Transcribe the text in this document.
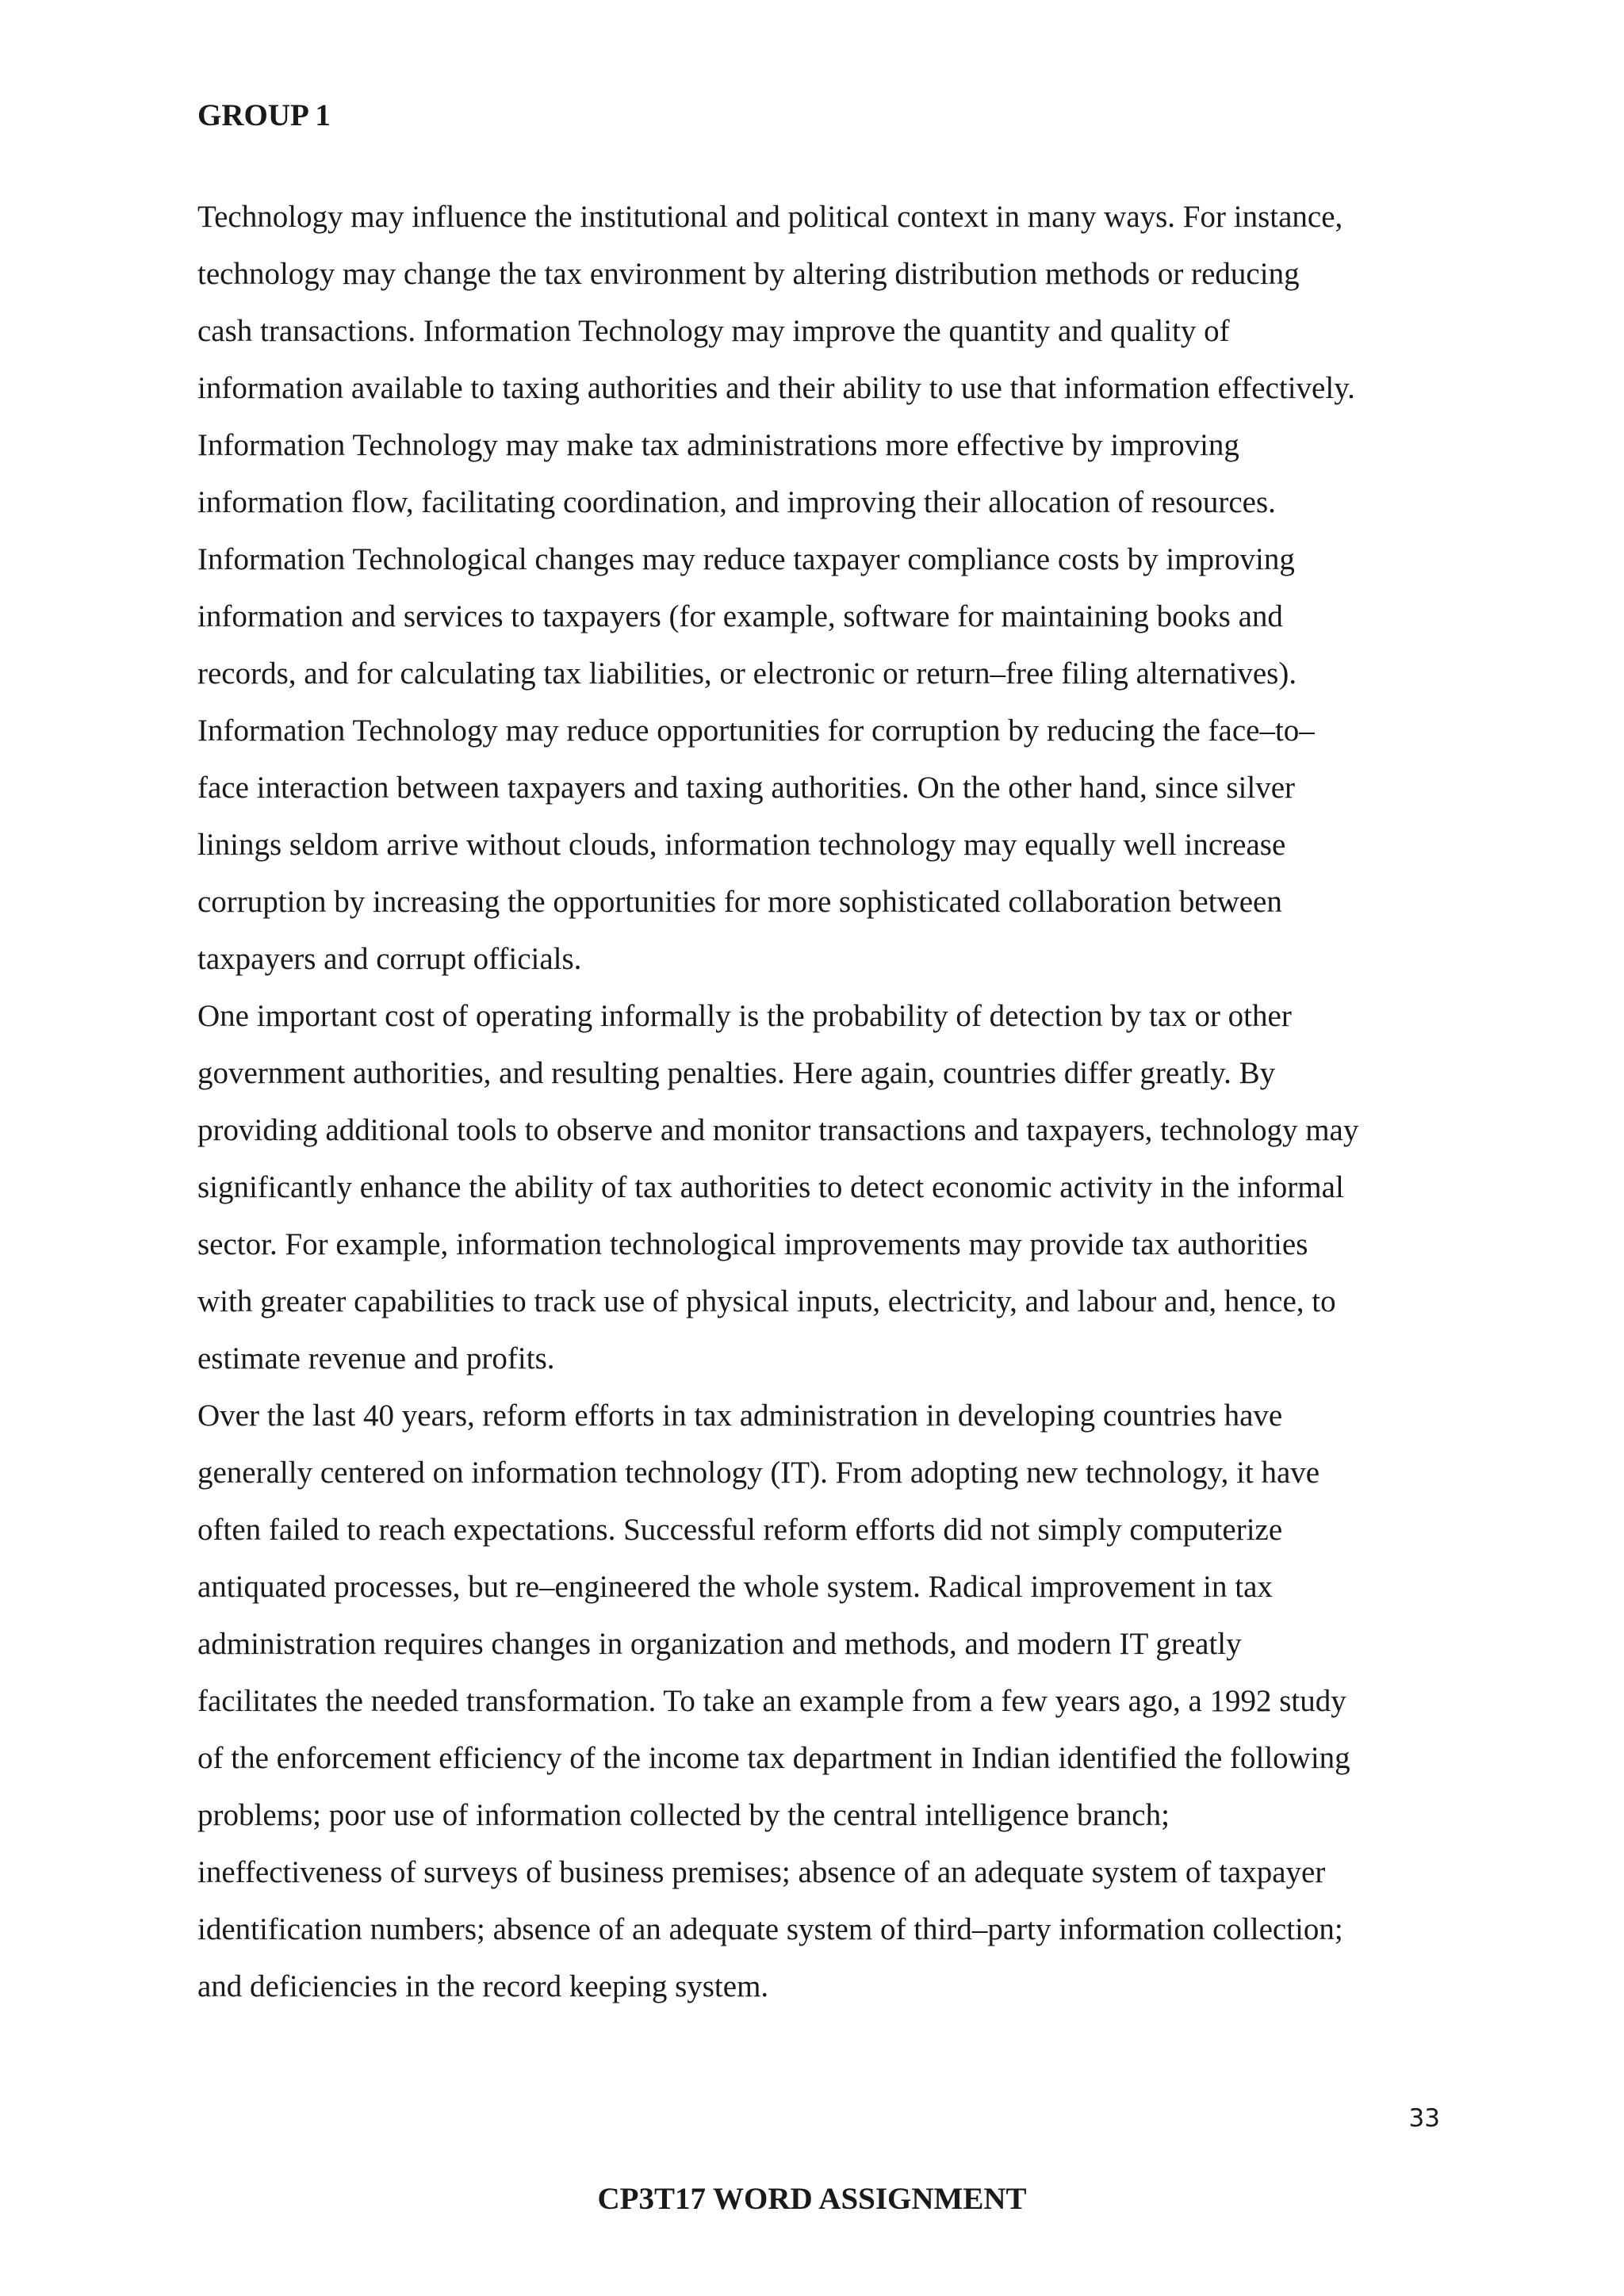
GROUP 1
Technology may influence the institutional and political context in many ways. For instance,
technology may change the tax environment by altering distribution methods or reducing
cash transactions. Information Technology may improve the quantity and quality of
information available to taxing authorities and their ability to use that information effectively.
Information Technology may make tax administrations more effective by improving
information flow, facilitating coordination, and improving their allocation of resources.
Information Technological changes may reduce taxpayer compliance costs by improving
information and services to taxpayers (for example, software for maintaining books and
records, and for calculating tax liabilities, or electronic or return–free filing alternatives).
Information Technology may reduce opportunities for corruption by reducing the face–to–
face interaction between taxpayers and taxing authorities. On the other hand, since silver
linings seldom arrive without clouds, information technology may equally well increase
corruption by increasing the opportunities for more sophisticated collaboration between
taxpayers and corrupt officials.
One important cost of operating informally is the probability of detection by tax or other
government authorities, and resulting penalties. Here again, countries differ greatly. By
providing additional tools to observe and monitor transactions and taxpayers, technology may
significantly enhance the ability of tax authorities to detect economic activity in the informal
sector. For example, information technological improvements may provide tax authorities
with greater capabilities to track use of physical inputs, electricity, and labour and, hence, to
estimate revenue and profits.
Over the last 40 years, reform efforts in tax administration in developing countries have
generally centered on information technology (IT). From adopting new technology, it have
often failed to reach expectations. Successful reform efforts did not simply computerize
antiquated processes, but re–engineered the whole system. Radical improvement in tax
administration requires changes in organization and methods, and modern IT greatly
facilitates the needed transformation. To take an example from a few years ago, a 1992 study
of the enforcement efficiency of the income tax department in Indian identified the following
problems; poor use of information collected by the central intelligence branch;
ineffectiveness of surveys of business premises; absence of an adequate system of taxpayer
identification numbers; absence of an adequate system of third–party information collection;
and deficiencies in the record keeping system.
33
CP3T17 WORD ASSIGNMENT
